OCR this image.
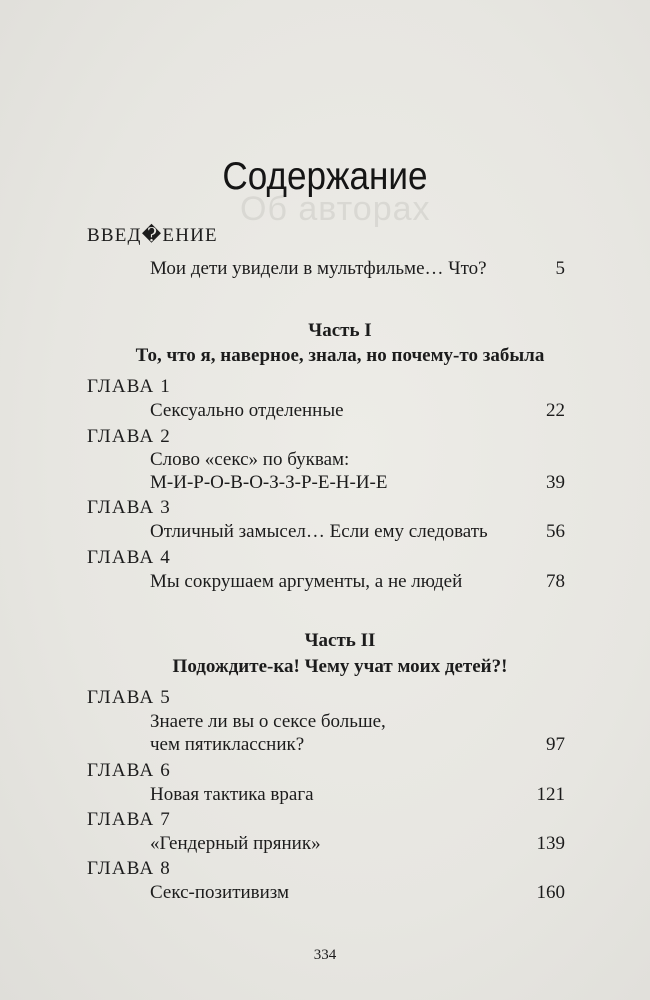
Об авторах
Содержание
ВВЕД�ЕНИЕ
Мои дети увидели в мультфильме… Что?	5
Часть I
То, что я, наверное, знала, но почему-то забыла
ГЛАВА 1
Сексуально отделенные	22
ГЛАВА 2
Слово «секс» по буквам:
М-И-Р-О-В-О-З-З-Р-Е-Н-И-Е	39
ГЛАВА 3
Отличный замысел… Если ему следовать	56
ГЛАВА 4
Мы сокрушаем аргументы, а не людей	78
Часть II
Подождите-ка! Чему учат моих детей?!
ГЛАВА 5
Знаете ли вы о сексе больше,
чем пятиклассник?	97
ГЛАВА 6
Новая тактика врага	121
ГЛАВА 7
«Гендерный пряник»	139
ГЛАВА 8
Секс-позитивизм	160
334
